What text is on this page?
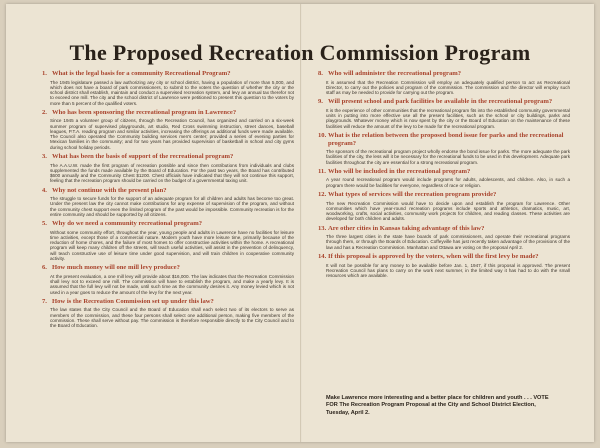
The Proposed Recreation Commission Program
1. What is the legal basis for a community Recreational Program?
The 1945 legislature passed a law authorizing any city or school district, having a population of more than 5,000, and which does not have a board of park commissioners, to submit to the voters the question of whether the city or the school district shall establish, maintain and conduct a supervised recreation system, and levy an annual tax therefor not to exceed one mill. The city and the school district of Lawrence were petitioned to present this question to the voters by more than 5 percent of the qualified voters.
2. Who has been sponsoring the recreational program in Lawrence?
Since 1945 a volunteer group of citizens, through the Recreation Council, has organized and carried on a six-week summer program of supervised playgrounds, art studio, Red Cross swimming instruction, street dances, baseball leagues, P.T.A. reading program and similar activities, increasing the offerings as additional funds were made available. The Council also operated the Community building services men's center; provided a series of evening parties for Mexican families in the community; and for two years has provided supervision of basketball in school and city gyms during school holiday periods.
3. What has been the basis of support of the recreational program?
The A.A.U.W. made the first program of recreation possible and since then contributions from individuals and clubs supplemented the funds made available by the Board of Education. For the past two years, the Board has contributed $600 annually and the Community Chest $1200. Chest officials have indicated that they will not continue this support, feeling that the recreation program should be carried on the budget of a governmental taxing unit.
4. Why not continue with the present plan?
The struggle to secure funds for the support of an adequate program for all children and adults has become too great. Under the present law the city cannot make contributions for any expense of supervision of the program, and without the community chest support even the limited program of the past would be impossible. Community recreation is for the entire community and should be supported by all citizens.
5. Why do we need a community recreational program?
Without some community effort, throughout the year, young people and adults in Lawrence have no facilities for leisure time activities, except those of a commercial nature. Modern youth have more leisure time, primarily because of the reduction of home chores, and the failure of most homes to offer constructive activities within the home. A recreational program will keep many children off the streets, will teach useful activities, will assist in the prevention of delinquency, will teach constructive use of leisure time under good supervision, and will train children in cooperative community activity.
6. How much money will one mill levy produce?
At the present evaluation, a one mill levy will provide about $16,000. The law indicates that the Recreation Commission shall levy not to exceed one mill. The commission will have to establish the program, and make a yearly levy. It is assumed that the full levy will not be made, until such time as the community desires it. Any money levied which is not used in a year goes to reduce the amount of the levy for the next year.
7. How is the Recreation Commission set up under this law?
The law states that the City Council and the Board of Education shall each select two of its electors to serve as members of the commission, and these four persons shall select one additional person, making five members of the commission. These shall serve without pay. The commission is therefore responsible directly to the City Council and to the Board of Education.
8. Who will administer the recreational program?
It is assumed that the Recreation Commission will employ an adequately qualified person to act as Recreational Director, to carry out the policies and program of the commission. The commission and the director will employ such staff as may be needed to provide for carrying out the program.
9. Will present school and park facilities be available in the recreational program?
It is the experience of other communities that the recreational program fits into the established community governmental units in putting into more effective use all the present facilities, such as the school or city buildings, parks and playgrounds. Whatever money which is now spent by the city or the Board of Education on the maintenance of these facilities will reduce the amount of the levy to be made for the recreational program.
10. What is the relation between the proposed bond issue for parks and the recreational program?
The sponsors of the recreational program project wholly endorse the bond issue for parks. The more adequate the park facilities of the city, the less will it be necessary for the recreational funds to be used in this development. Adequate park facilities throughout the city are essential for a strong recreational program.
11. Who will be included in the recreational program?
A year round recreational program would include programs for adults, adolescents, and children. Also, in such a program there would be facilities for everyone, regardless of race or religion.
12. What types of services will the recreation program provide?
The new Recreation Commission would have to decide upon and establish the program for Lawrence. Other communities which have year-round recreation programs include sports and athletics, dramatics, music, art, woodworking, crafts, social activities, community work projects for children, and reading classes. These activities are developed for both children and adults.
13. Are other cities in Kansas taking advantage of this law?
The three largest cities in the state have boards of park commissioners, and operate their recreational programs through them, or through the Boards of Education. Coffeyville has just recently taken advantage of the provisions of the law and has a Recreation Commission. Manhattan and Ottawa are voting on the proposal April 2.
14. If this proposal is approved by the voters, when will the first levy be made?
It will not be possible for any money to be available before Jan. 1, 1947, if this proposal is approved. The present Recreation Council has plans to carry on the work next summer, in the limited way it has had to do with the small resources which are available.
Make Lawrence more interesting and a better place for children and youth . . . VOTE FOR The Recreation Program Proposal at the City and School District Election, Tuesday, April 2.
